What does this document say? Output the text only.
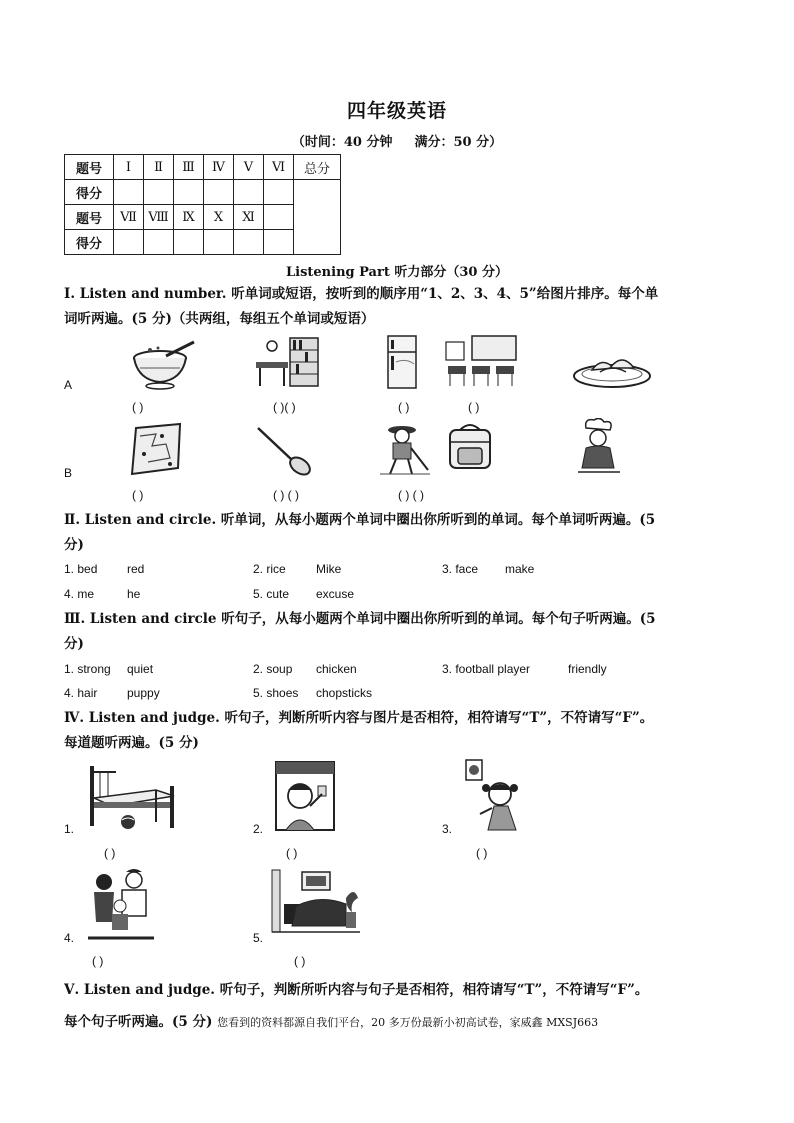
四年级英语
（时间：40 分钟 满分：50 分）
题号	Ⅰ	Ⅱ	Ⅲ	Ⅳ	Ⅴ	Ⅵ	总分
得分							
题号	Ⅶ	Ⅷ	Ⅸ	Ⅹ	Ⅺ		
得分							
Listening Part 听力部分（30 分）
Ⅰ. Listen and number. 听单词或短语，按听到的顺序用“1、2、3、4、5”给图片排序。每个单
词听两遍。(5 分)（共两组，每组五个单词或短语）
A
B
( )	( )( )	( )	( )
( )	( ) ( )	( ) ( )
Ⅱ. Listen and circle. 听单词，从每小题两个单词中圈出你所听到的单词。每个单词听两遍。(5
分)
1. bed red	2. rice	Mike	3. face make
4. me	he	5. cute excuse
Ⅲ. Listen and circle 听句子，从每小题两个单词中圈出你所听到的单词。每个句子听两遍。(5
分)
1. strong quiet	2. soup chicken	3. football player	friendly
4. hair puppy	5. shoes chopsticks
Ⅳ. Listen and judge. 听句子，判断所听内容与图片是否相符，相符请写“T”，不符请写“F”。
每道题听两遍。(5 分)
1.	2.	3.
( )	( )	( )
4.	5.
( )	( )
Ⅴ. Listen and judge. 听句子，判断所听内容与句子是否相符，相符请写“T”，不符请写“F”。
每个句子听两遍。(5 分) 您看到的资料都源自我们平台，20 多万份最新小初高试卷，家威鑫 MXSJ663
